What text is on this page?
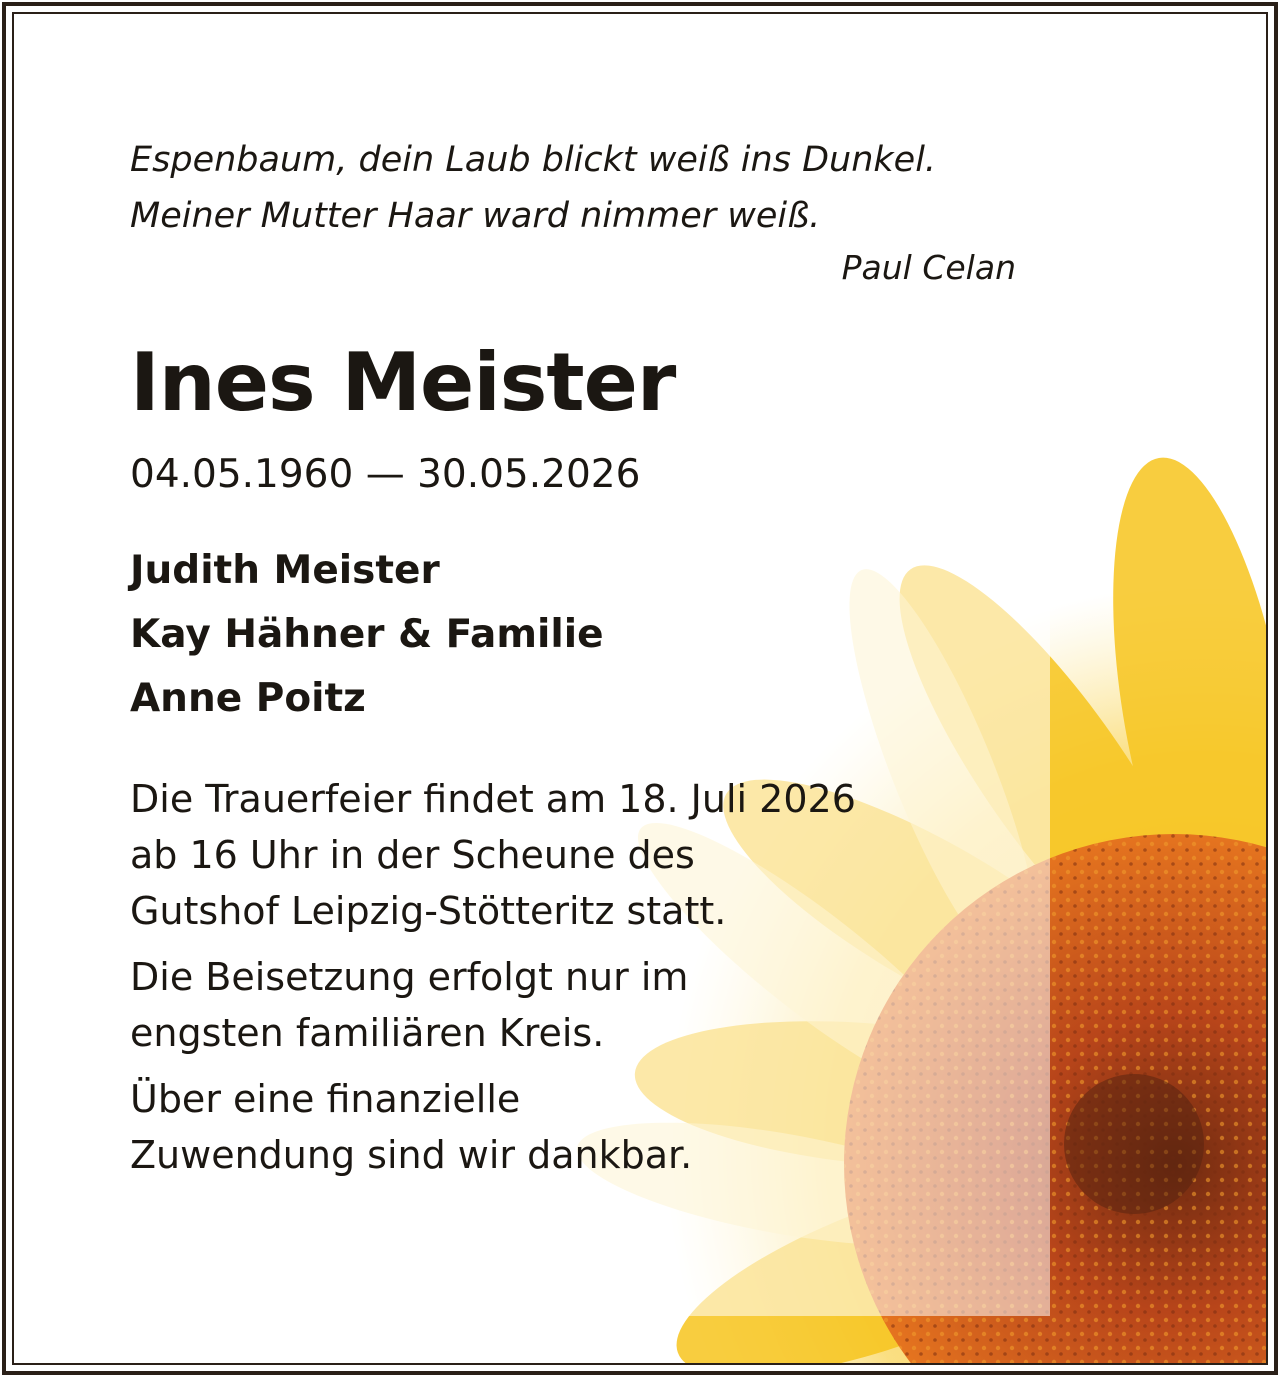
Espenbaum, dein Laub blickt weiß ins Dunkel.

Meiner Mutter Haar ward nimmer weiß.

Paul Celan
Ines Meister
04.05.1960 — 30.05.2026
Judith Meister
Kay Hähner & Familie
Anne Poitz
Die Trauerfeier findet am 18. Juli 2026
ab 16 Uhr in der Scheune des
Gutshof Leipzig-Stötteritz statt.
Die Beisetzung erfolgt nur im
engsten familiären Kreis.
Über eine finanzielle
Zuwendung sind wir dankbar.
